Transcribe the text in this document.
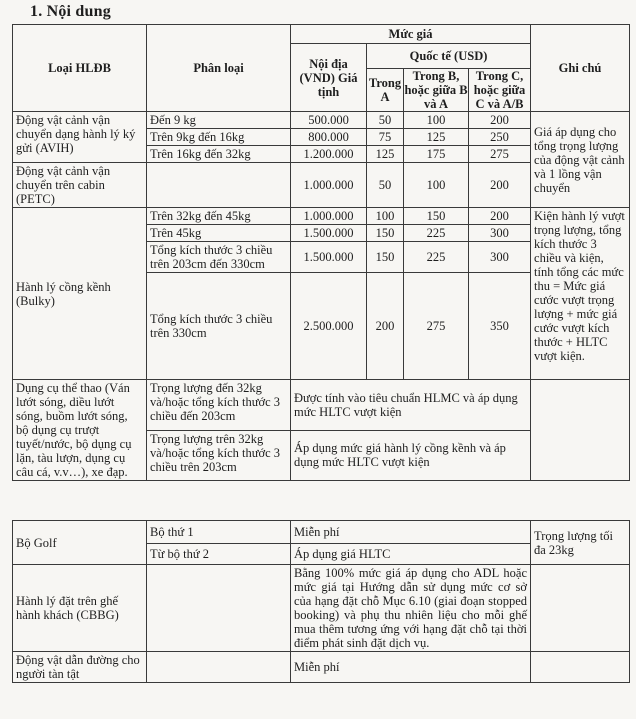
1. Nội dung
Loại HLĐB	Phân loại	Mức giá				Ghi chú
		Nội địa (VND) Giá tịnh	Quốc tế (USD)			
			Trong A	Trong B, hoặc giữa B và A	Trong C, hoặc giữa C và A/B	
Động vật cảnh vận chuyển dạng hành lý ký gửi (AVIH)	Đến 9 kg	500.000	50	100	200	Giá áp dụng cho tổng trọng lượng của động vật cảnh và 1 lồng vận chuyển
	Trên 9kg đến 16kg	800.000	75	125	250	
	Trên 16kg đến 32kg	1.200.000	125	175	275	
Động vật cảnh vận chuyển trên cabin (PETC)		1.000.000	50	100	200	
Hành lý cồng kềnh (Bulky)	Trên 32kg đến 45kg	1.000.000	100	150	200	Kiện hành lý vượt trọng lượng, tổng kích thước 3 chiều và kiện, tính tổng các mức thu = Mức giá cước vượt trọng lượng + mức giá cước vượt kích thước + HLTC vượt kiện.
	Trên 45kg	1.500.000	150	225	300	
	Tổng kích thước 3 chiều trên 203cm đến 330cm	1.500.000	150	225	300	
	Tổng kích thước 3 chiều trên 330cm	2.500.000	200	275	350	
Dụng cụ thể thao (Ván lướt sóng, diều lướt sóng, buồm lướt sóng, bộ dụng cụ trượt tuyết/nước, bộ dụng cụ lặn, tàu lượn, dụng cụ câu cá, v.v…), xe đạp.	Trọng lượng đến 32kg và/hoặc tổng kích thước 3 chiều đến 203cm	Được tính vào tiêu chuẩn HLMC và áp dụng mức HLTC vượt kiện				
	Trọng lượng trên 32kg và/hoặc tổng kích thước 3 chiều trên 203cm	Áp dụng mức giá hành lý cồng kềnh và áp dụng mức HLTC vượt kiện				
Bộ Golf	Bộ thứ 1	Miễn phí	Trọng lượng tối đa 23kg
	Từ bộ thứ 2	Áp dụng giá HLTC	
Hành lý đặt trên ghế hành khách (CBBG)		Bằng 100% mức giá áp dụng cho ADL hoặc mức giá tại Hướng dẫn sử dụng mức cơ sở của hạng đặt chỗ Mục 6.10 (giai đoạn stopped booking) và phụ thu nhiên liệu cho mỗi ghế mua thêm tương ứng với hạng đặt chỗ tại thời điểm phát sinh đặt dịch vụ.	
Động vật dẫn đường cho người tàn tật		Miễn phí	
